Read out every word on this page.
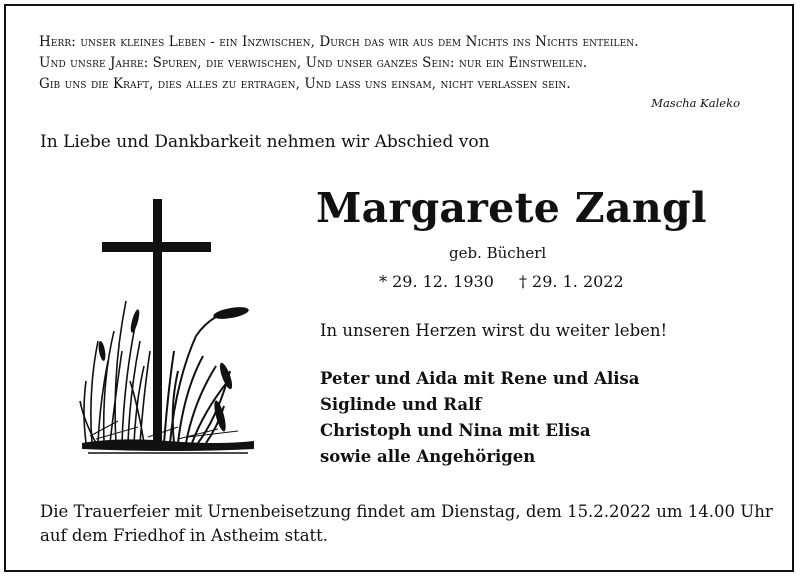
Herr: unser kleines Leben - ein Inzwischen, Durch das wir aus dem Nichts ins Nichts enteilen.
Und unsre Jahre: Spuren, die verwischen, Und unser ganzes Sein: nur ein Einstweilen.
Gib uns die Kraft, dies alles zu ertragen, Und lass uns einsam, nicht verlassen sein.
Mascha Kaleko
In Liebe und Dankbarkeit nehmen wir Abschied von
Margarete Zangl
geb. Bücherl
* 29. 12. 1930 † 29. 1. 2022
In unseren Herzen wirst du weiter leben!
Peter und Aida mit Rene und Alisa
Siglinde und Ralf
Christoph und Nina mit Elisa
sowie alle Angehörigen
Die Trauerfeier mit Urnenbeisetzung findet am Dienstag, dem 15.2.2022 um 14.00 Uhr
auf dem Friedhof in Astheim statt.
